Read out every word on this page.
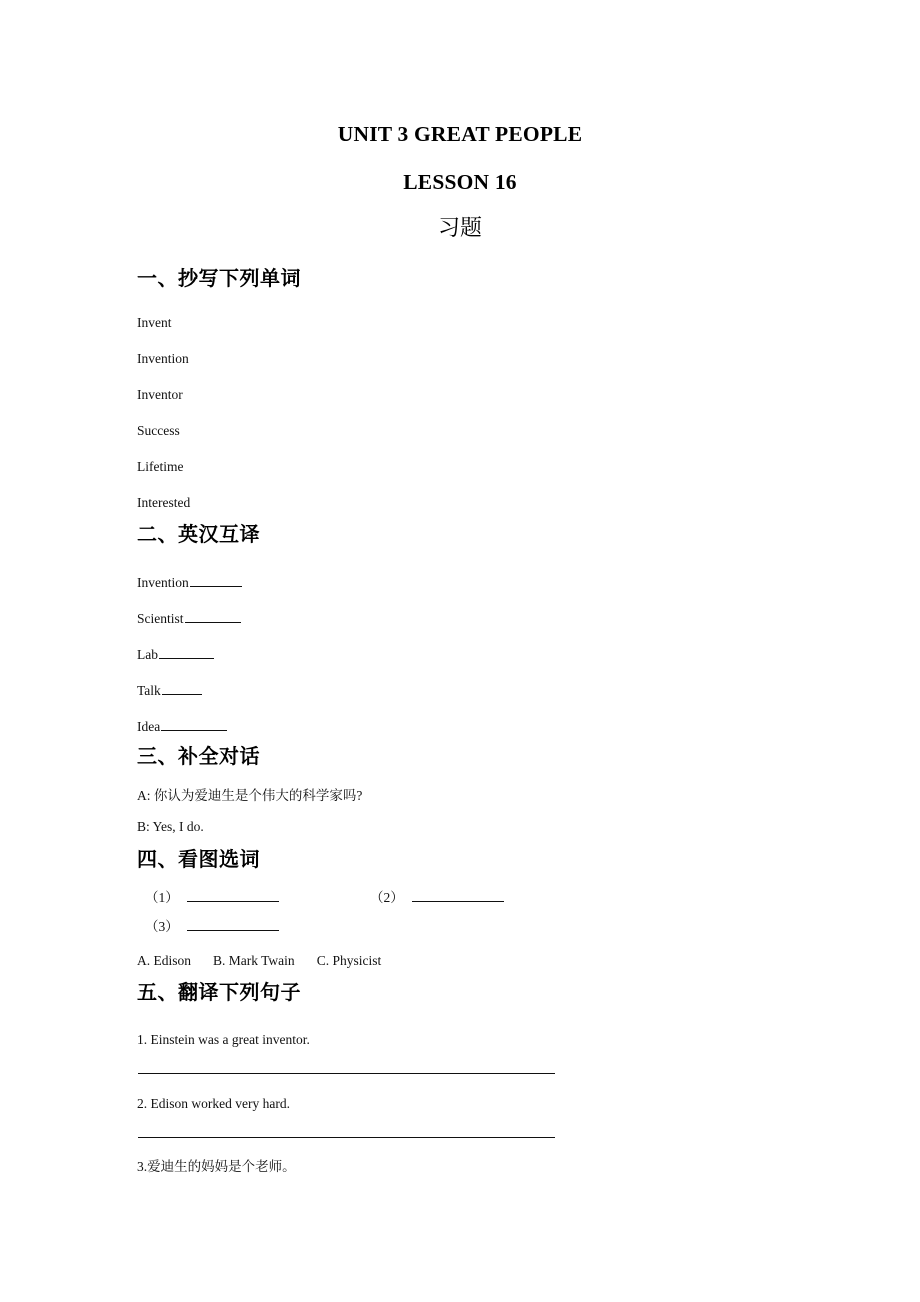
UNIT 3 GREAT PEOPLE
LESSON 16
习题
一、抄写下列单词
Invent
Invention
Inventor
Success
Lifetime
Interested
二、英汉互译
Invention
Scientist
Lab
Talk
Idea
三、补全对话
A: 你认为爱迪生是个伟大的科学家吗?
B: Yes, I do.
四、看图选词
（1）	（2）
（3）
A. Edison B. Mark Twain C. Physicist
五、翻译下列句子
1. Einstein was a great inventor.
2. Edison worked very hard.
3.爱迪生的妈妈是个老师。
